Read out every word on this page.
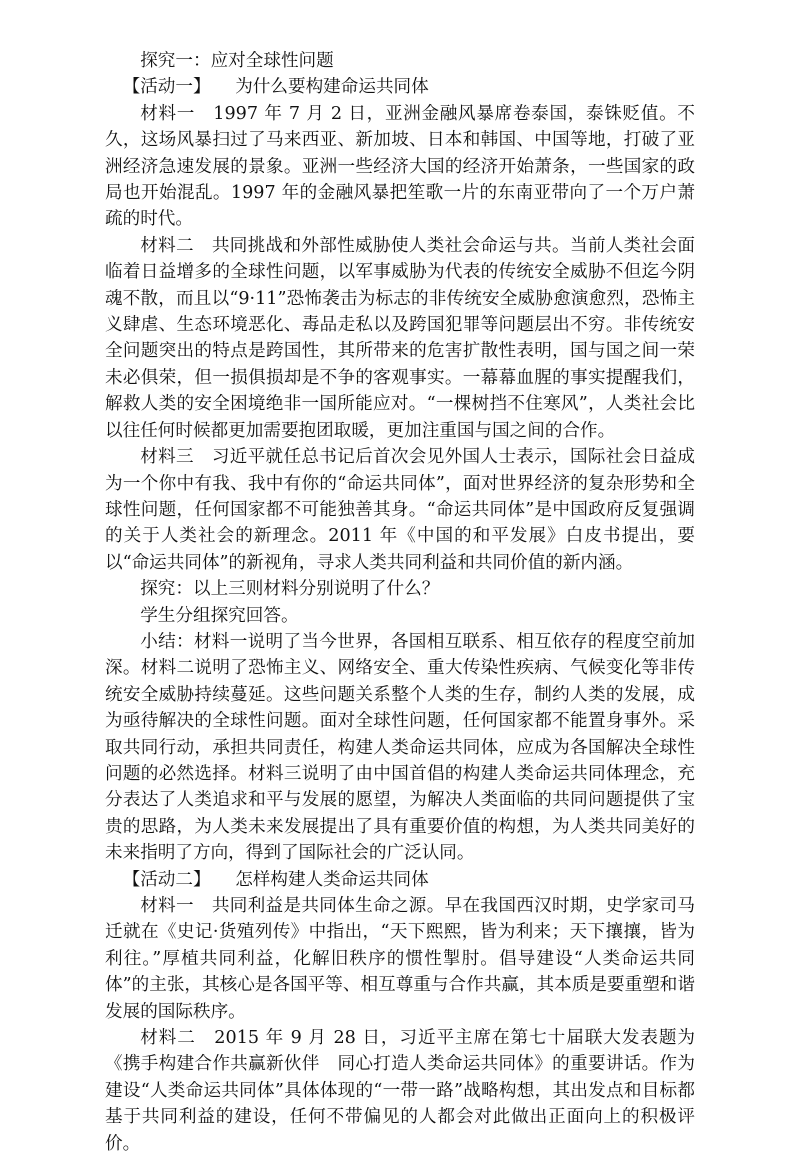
探究一：应对全球性问题

【活动一】 为什么要构建命运共同体

材料一　1997 年 7 月 2 日，亚洲金融风暴席卷泰国，泰铢贬值。不久，这场风暴扫过了马来西亚、新加坡、日本和韩国、中国等地，打破了亚洲经济急速发展的景象。亚洲一些经济大国的经济开始萧条，一些国家的政局也开始混乱。1997 年的金融风暴把笙歌一片的东南亚带向了一个万户萧疏的时代。

材料二　共同挑战和外部性威胁使人类社会命运与共。当前人类社会面临着日益增多的全球性问题，以军事威胁为代表的传统安全威胁不但迄今阴魂不散，而且以“9·11”恐怖袭击为标志的非传统安全威胁愈演愈烈，恐怖主义肆虐、生态环境恶化、毒品走私以及跨国犯罪等问题层出不穷。非传统安全问题突出的特点是跨国性，其所带来的危害扩散性表明，国与国之间一荣未必俱荣，但一损俱损却是不争的客观事实。一幕幕血腥的事实提醒我们，解救人类的安全困境绝非一国所能应对。“一棵树挡不住寒风”，人类社会比以往任何时候都更加需要抱团取暖，更加注重国与国之间的合作。

材料三　习近平就任总书记后首次会见外国人士表示，国际社会日益成为一个你中有我、我中有你的“命运共同体”，面对世界经济的复杂形势和全球性问题，任何国家都不可能独善其身。“命运共同体”是中国政府反复强调的关于人类社会的新理念。2011 年《中国的和平发展》白皮书提出，要以“命运共同体”的新视角，寻求人类共同利益和共同价值的新内涵。

探究：以上三则材料分别说明了什么？

学生分组探究回答。

小结：材料一说明了当今世界，各国相互联系、相互依存的程度空前加深。材料二说明了恐怖主义、网络安全、重大传染性疾病、气候变化等非传统安全威胁持续蔓延。这些问题关系整个人类的生存，制约人类的发展，成为亟待解决的全球性问题。面对全球性问题，任何国家都不能置身事外。采取共同行动，承担共同责任，构建人类命运共同体，应成为各国解决全球性问题的必然选择。材料三说明了由中国首倡的构建人类命运共同体理念，充分表达了人类追求和平与发展的愿望，为解决人类面临的共同问题提供了宝贵的思路，为人类未来发展提出了具有重要价值的构想，为人类共同美好的未来指明了方向，得到了国际社会的广泛认同。

【活动二】 怎样构建人类命运共同体

材料一　共同利益是共同体生命之源。早在我国西汉时期，史学家司马迁就在《史记·货殖列传》中指出，“天下熙熙，皆为利来；天下攘攘，皆为利往。”厚植共同利益，化解旧秩序的惯性掣肘。倡导建设“人类命运共同体”的主张，其核心是各国平等、相互尊重与合作共赢，其本质是要重塑和谐发展的国际秩序。

材料二　2015 年 9 月 28 日，习近平主席在第七十届联大发表题为《携手构建合作共赢新伙伴　同心打造人类命运共同体》的重要讲话。作为建设“人类命运共同体”具体体现的“一带一路”战略构想，其出发点和目标都基于共同利益的建设，任何不带偏见的人都会对此做出正面向上的积极评价。
